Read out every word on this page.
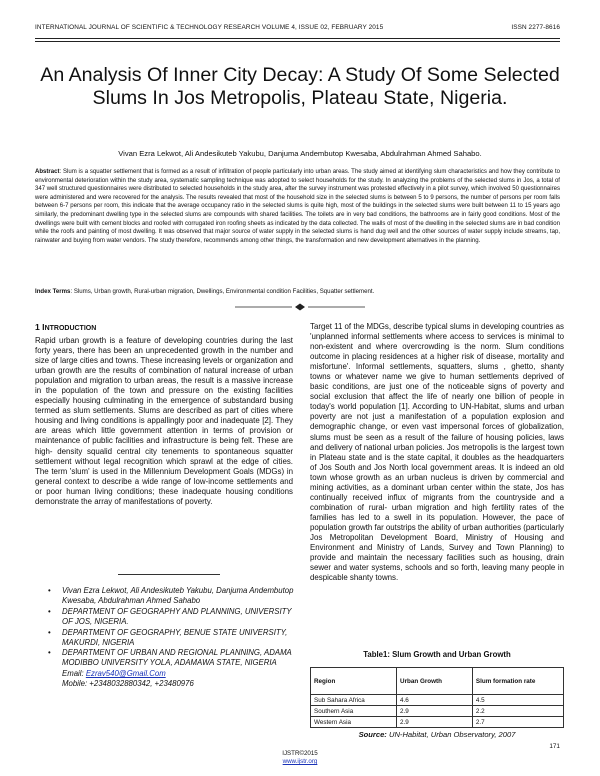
INTERNATIONAL JOURNAL OF SCIENTIFIC & TECHNOLOGY RESEARCH VOLUME 4, ISSUE 02, FEBRUARY 2015	ISSN 2277-8616
An Analysis Of Inner City Decay: A Study Of Some Selected Slums In Jos Metropolis, Plateau State, Nigeria.
Vivan Ezra Lekwot, Ali Andesikuteb Yakubu, Danjuma Andembutop Kwesaba, Abdulrahman Ahmed Sahabo.

Abstract: Slum is a squatter settlement that is formed as a result of infiltration of people particularly into urban areas. The study aimed at identifying slum characteristics and how they contribute to environmental deterioration within the study area, systematic sampling technique was adopted to select households for the study. In analyzing the problems of the selected slums in Jos, a total of 347 well structured questionnaires were distributed to selected households in the study area, after the survey instrument was protested effectively in a pilot survey, which involved 50 questionnaires were administered and were recovered for the analysis. The results revealed that most of the household size in the selected slums is between 5 to 9 persons, the number of persons per room falls between 6-7 persons per room, this indicate that the average occupancy ratio in the selected slums is quite high, most of the buildings in the selected slums were built between 11 to 15 years ago similarly, the predominant dwelling type in the selected slums are compounds with shared facilities. The toilets are in very bad conditions, the bathrooms are in fairly good conditions. Most of the dwellings were built with cement blocks and roofed with corrugated iron roofing sheets as indicated by the data collected. The walls of most of the dwelling in the selected slums are in bad condition while the roofs and painting of most dwelling. It was observed that major source of water supply in the selected slums is hand dug well and the other sources of water supply include streams, tap, rainwater and buying from water vendors. The study therefore, recommends among other things, the transformation and new development alternatives in the planning.

Index Terms: Slums, Urban growth, Rural-urban migration, Dwellings, Environmental condition Facilities, Squatter settlement.

1 INTRODUCTION

Rapid urban growth is a feature of developing countries during the last forty years, there has been an unprecedented growth in the number and size of large cities and towns. These increasing levels or organization and urban growth are the results of combination of natural increase of urban population and migration to urban areas, the result is a massive increase in the population of the town and pressure on the existing facilities especially housing culminating in the emergence of substandard busing termed as slum settlements. Slums are described as part of cities where housing and living conditions is appallingly poor and inadequate [2]. They are areas which little government attention in terms of provision or maintenance of public facilities and infrastructure is being felt. These are high- density squalid central city tenements to spontaneous squatter settlement without legal recognition which sprawl at the edge of cities. The term 'slum' is used in the Millennium Development Goals (MDGs) in general context to describe a wide range of low-income settlements and or poor human living conditions; these inadequate housing conditions demonstrate the array of manifestations of poverty.

Target 11 of the MDGs, describe typical slums in developing countries as 'unplanned informal settlements where access to services is minimal to non-existent and where overcrowding is the norm. Slum conditions outcome in placing residences at a higher risk of disease, mortality and misfortune'. Informal settlements, squatters, slums , ghetto, shanty towns or whatever name we give to human settlements deprived of basic conditions, are just one of the noticeable signs of poverty and social exclusion that affect the life of nearly one billion of people in today's world population [1]. According to UN-Habitat, slums and urban poverty are not just a manifestation of a population explosion and demographic change, or even vast impersonal forces of globalization, slums must be seen as a result of the failure of housing policies, laws and delivery of national urban policies. Jos metropolis is the largest town in Plateau state and is the state capital, it doubles as the headquarters of Jos South and Jos North local government areas. It is indeed an old town whose growth as an urban nucleus is driven by commercial and mining activities, as a dominant urban center within the state, Jos has continually received influx of migrants from the countryside and a combination of rural- urban migration and high fertility rates of the families has led to a swell in its population. However, the pace of population growth far outstrips the ability of urban authorities (particularly Jos Metropolitan Development Board, Ministry of Housing and Environment and Ministry of Lands, Survey and Town Planning) to provide and maintain the necessary facilities such as housing, drain sewer and water systems, schools and so forth, leaving many people in despicable shanty towns.

• Vivan Ezra Lekwot, Ali Andesikuteb Yakubu, Danjuma Andembutop Kwesaba, Abdulrahman Ahmed Sahabo
• DEPARTMENT OF GEOGRAPHY AND PLANNING, UNIVERSITY OF JOS, NIGERIA.
• DEPARTMENT OF GEOGRAPHY, BENUE STATE UNIVERSITY, MAKURDI, NIGERIA
• DEPARTMENT OF URBAN AND REGIONAL PLANNING, ADAMA MODIBBO UNIVERSITY YOLA, ADAMAWA STATE, NIGERIA
Email: Ezrav540@Gmail.Com
Mobile: +2348032880342, +23480976
Table1: Slum Growth and Urban Growth
Region	Urban Growth	Slum formation rate
Sub Sahara Africa	4.6	4.5
Southern Asia	2.9	2.2
Western Asia	2.9	2.7
Source: UN-Habitat, Urban Observatory, 2007
171
IJSTR©2015
www.ijstr.org
